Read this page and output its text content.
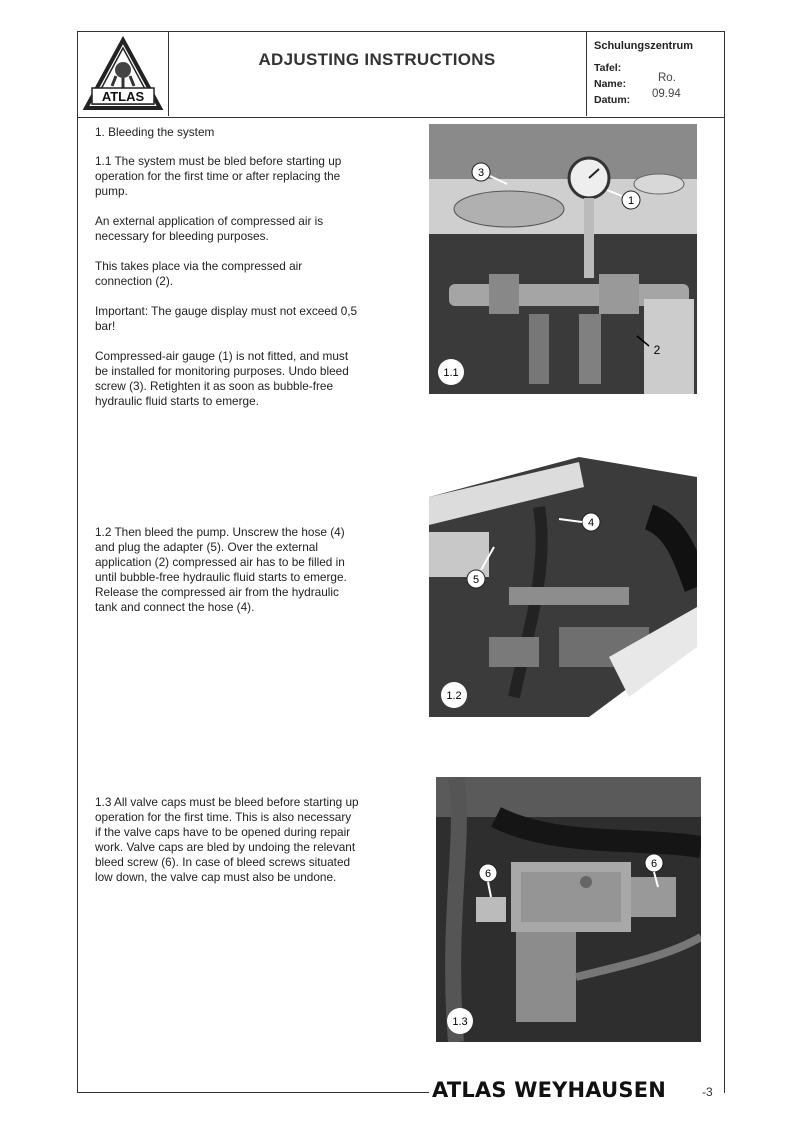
ATLAS
ADJUSTING INSTRUCTIONS
Schulungszentrum
Tafel:
Name:
Datum:
Ro.
09.94

1. Bleeding the system

1.1 The system must be bled before starting up operation for the first time or after replacing the pump.

An external application of compressed air is necessary for bleeding purposes.

This takes place via the compressed air connection (2).

Important: The gauge display must not exceed 0,5 bar!

Compressed-air gauge (1) is not fitted, and must be installed for monitoring purposes. Undo bleed screw (3). Retighten it as soon as bubble-free hydraulic fluid starts to emerge.

1.2 Then bleed the pump. Unscrew the hose (4) and plug the adapter (5). Over the external application (2) compressed air has to be filled in until bubble-free hydraulic fluid starts to emerge. Release the compressed air from the hydraulic tank and connect the hose (4).

1.3 All valve caps must be bleed before starting up operation for the first time. This is also necessary if the valve caps have to be opened during repair work. Valve caps are bled by undoing the relevant bleed screw (6). In case of bleed screws situated low down, the valve cap must also be undone.

3
1
2
1.1
4
5
1.2
6
6
1.3
ATLAS WEYHAUSEN	-3
